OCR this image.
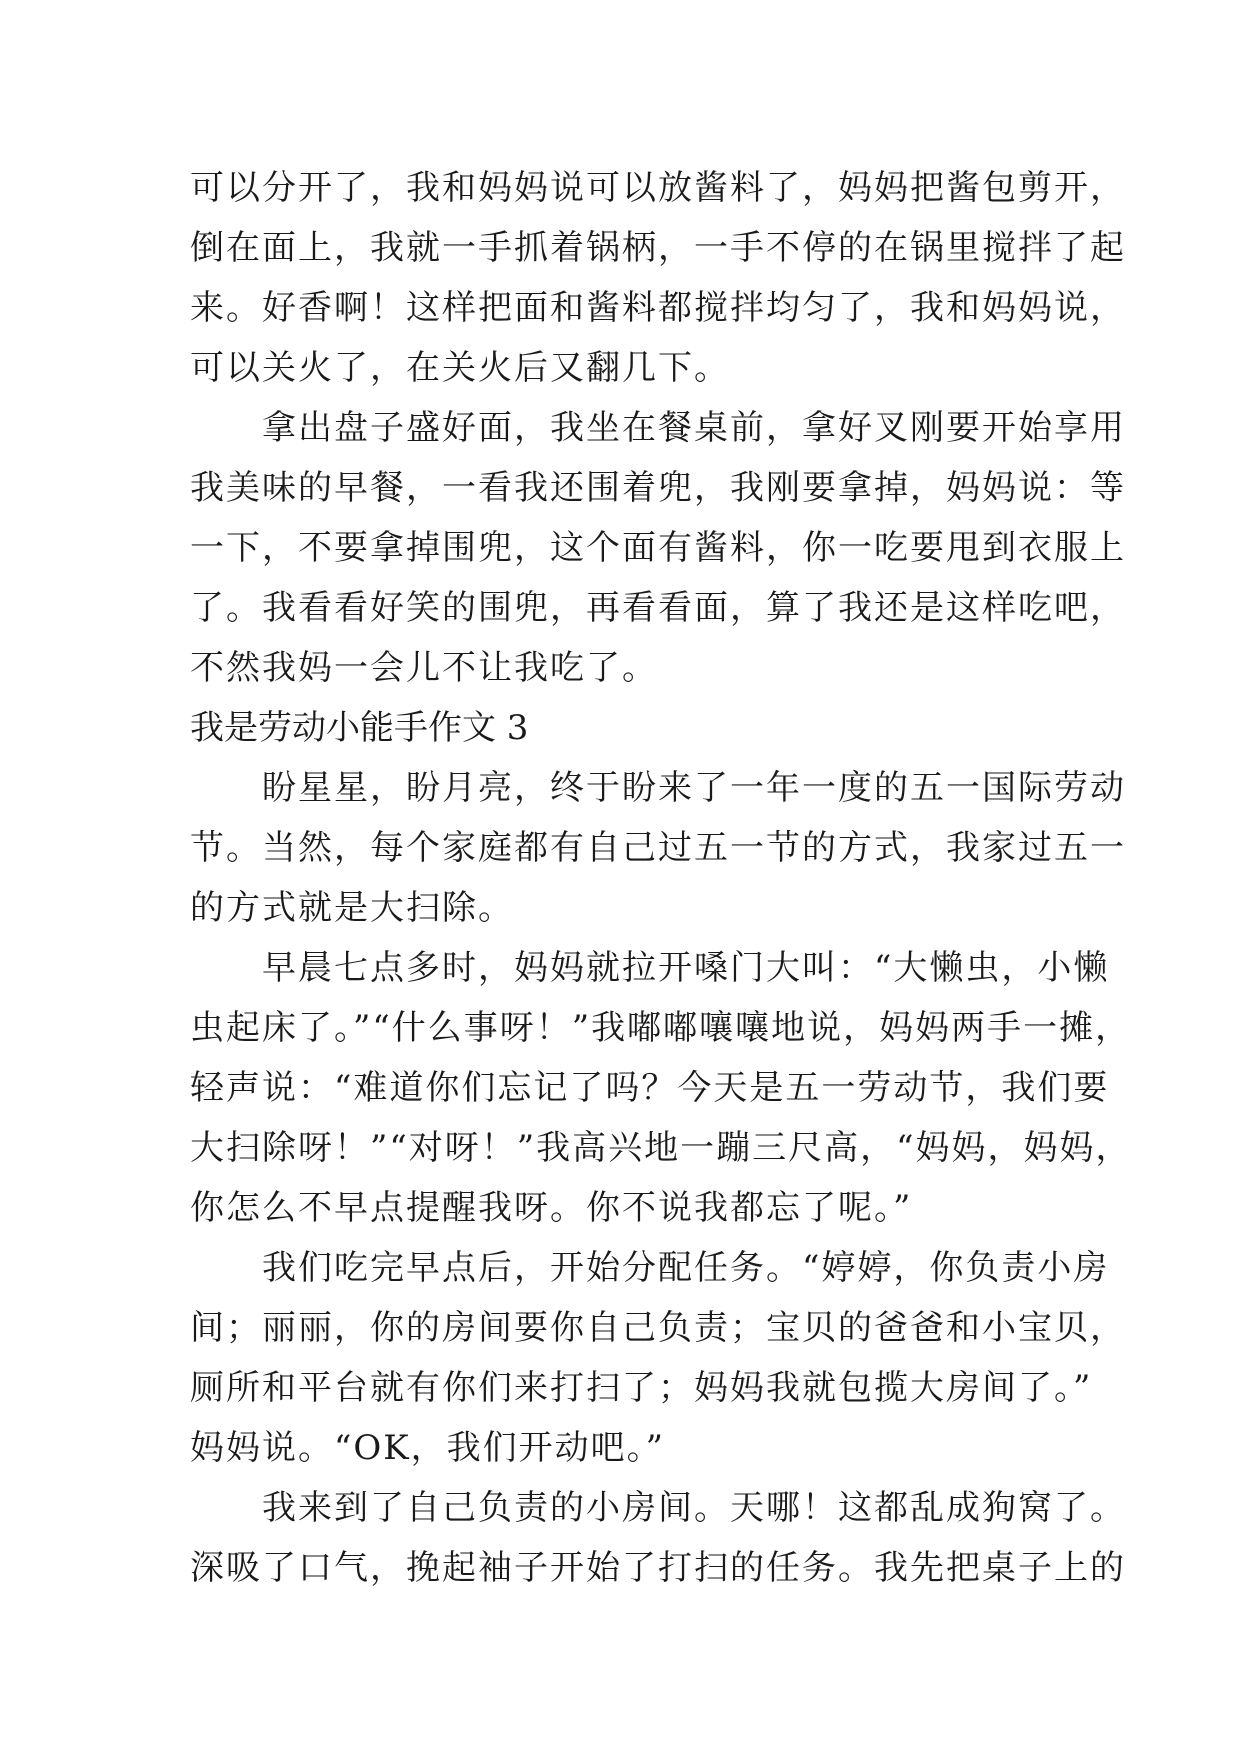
可以分开了，我和妈妈说可以放酱料了，妈妈把酱包剪开，
倒在面上，我就一手抓着锅柄，一手不停的在锅里搅拌了起
来。好香啊！这样把面和酱料都搅拌均匀了，我和妈妈说，
可以关火了，在关火后又翻几下。
　　拿出盘子盛好面，我坐在餐桌前，拿好叉刚要开始享用
我美味的早餐，一看我还围着兜，我刚要拿掉，妈妈说：等
一下，不要拿掉围兜，这个面有酱料，你一吃要甩到衣服上
了。我看看好笑的围兜，再看看面，算了我还是这样吃吧，
不然我妈一会儿不让我吃了。
我是劳动小能手作文 3
　　盼星星，盼月亮，终于盼来了一年一度的五一国际劳动
节。当然，每个家庭都有自己过五一节的方式，我家过五一
的方式就是大扫除。
　　早晨七点多时，妈妈就拉开嗓门大叫：“大懒虫，小懒
虫起床了。”“什么事呀！”我嘟嘟嚷嚷地说，妈妈两手一摊，
轻声说：“难道你们忘记了吗？今天是五一劳动节，我们要
大扫除呀！”“对呀！”我高兴地一蹦三尺高，“妈妈，妈妈，
你怎么不早点提醒我呀。你不说我都忘了呢。”
　　我们吃完早点后，开始分配任务。“婷婷，你负责小房
间；丽丽，你的房间要你自己负责；宝贝的爸爸和小宝贝，
厕所和平台就有你们来打扫了；妈妈我就包揽大房间了。”
妈妈说。“OK，我们开动吧。”
　　我来到了自己负责的小房间。天哪！这都乱成狗窝了。
深吸了口气，挽起袖子开始了打扫的任务。我先把桌子上的
